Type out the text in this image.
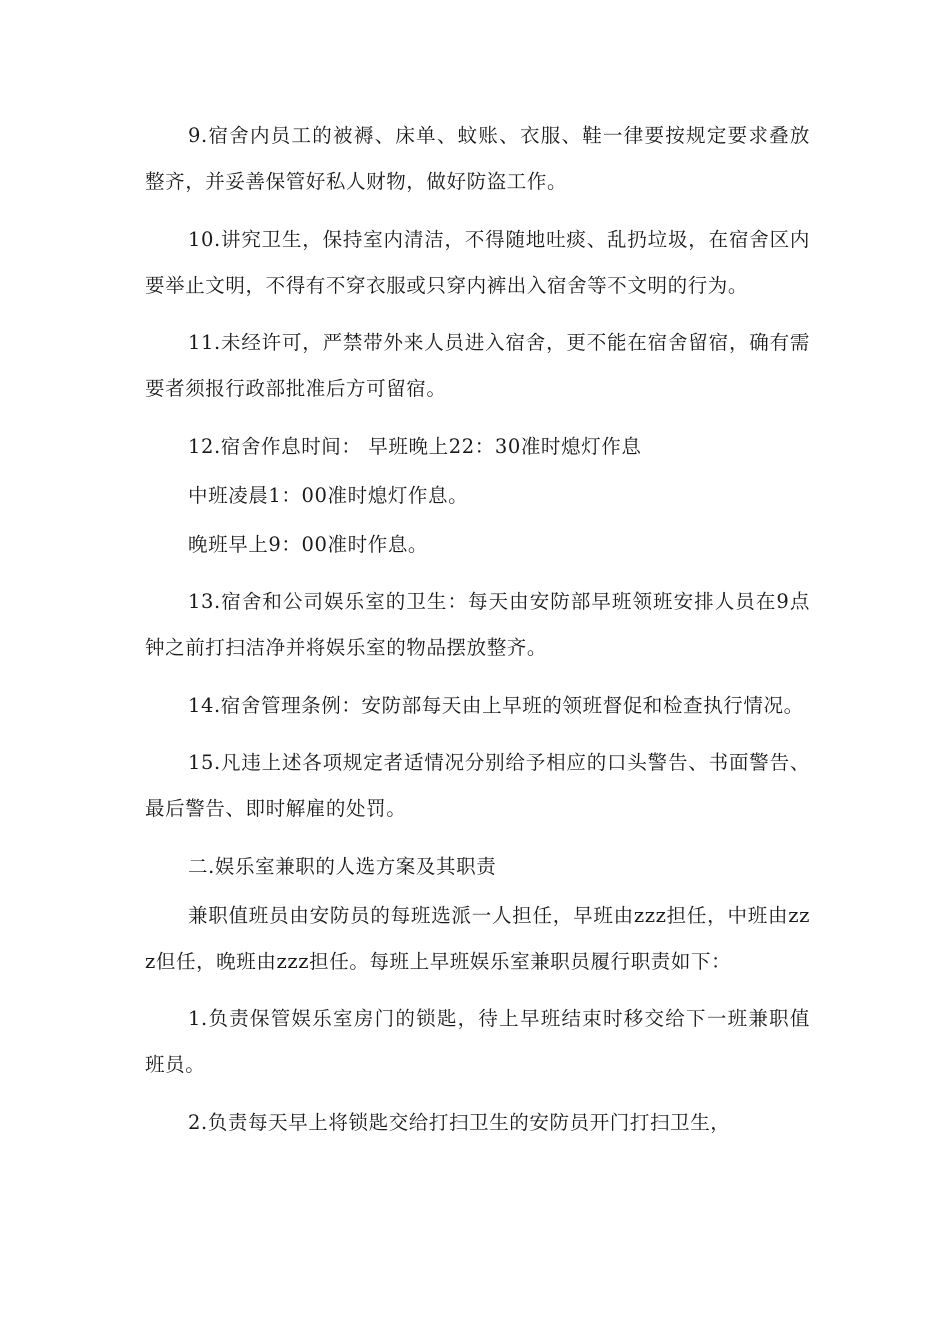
9.宿舍内员工的被褥、床单、蚊账、衣服、鞋一律要按规定要求叠放整齐，并妥善保管好私人财物，做好防盗工作。

10.讲究卫生，保持室内清洁，不得随地吐痰、乱扔垃圾，在宿舍区内要举止文明，不得有不穿衣服或只穿内裤出入宿舍等不文明的行为。

11.未经许可，严禁带外来人员进入宿舍，更不能在宿舍留宿，确有需要者须报行政部批准后方可留宿。

12.宿舍作息时间： 早班晚上22：30准时熄灯作息

中班凌晨1：00准时熄灯作息。

晚班早上9：00准时作息。

13.宿舍和公司娱乐室的卫生：每天由安防部早班领班安排人员在9点钟之前打扫洁净并将娱乐室的物品摆放整齐。

14.宿舍管理条例：安防部每天由上早班的领班督促和检查执行情况。

15.凡违上述各项规定者适情况分别给予相应的口头警告、书面警告、最后警告、即时解雇的处罚。

二.娱乐室兼职的人选方案及其职责

兼职值班员由安防员的每班选派一人担任，早班由zzz担任，中班由zzz但任，晚班由zzz担任。每班上早班娱乐室兼职员履行职责如下：

1.负责保管娱乐室房门的锁匙，待上早班结束时移交给下一班兼职值班员。

2.负责每天早上将锁匙交给打扫卫生的安防员开门打扫卫生，
